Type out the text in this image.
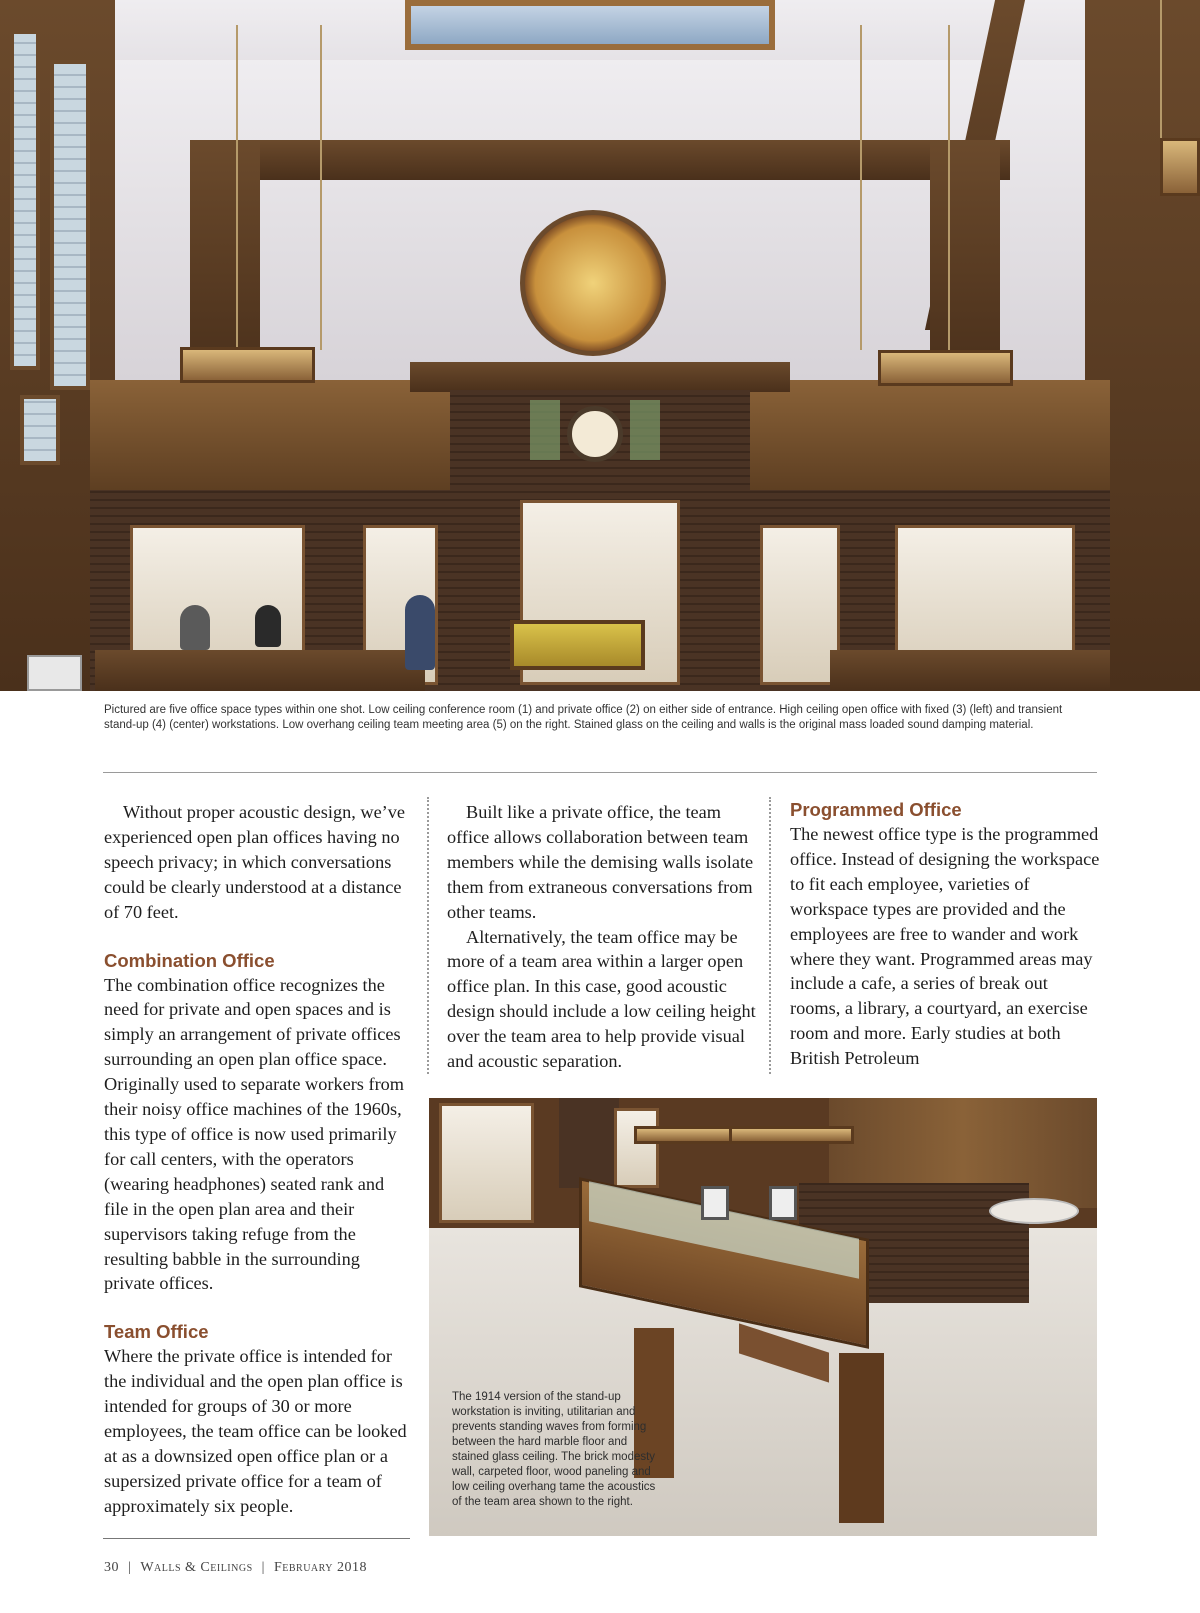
Pictured are five office space types within one shot. Low ceiling conference room (1) and private office (2) on either side of entrance. High ceiling open office with fixed (3) (left) and transient stand-up (4) (center) workstations. Low overhang ceiling team meeting area (5) on the right. Stained glass on the ceiling and walls is the original mass loaded sound damping material.

Without proper acoustic design, we’ve experienced open plan offices having no speech privacy; in which conversations could be clearly understood at a distance of 70 feet.

Combination Office

The combination office recognizes the need for private and open spaces and is simply an arrangement of private offices surrounding an open plan office space. Originally used to separate workers from their noisy office machines of the 1960s, this type of office is now used primarily for call centers, with the operators (wearing headphones) seated rank and file in the open plan area and their supervisors taking refuge from the resulting babble in the surrounding private offices.

Team Office

Where the private office is intended for the individual and the open plan office is intended for groups of 30 or more employees, the team office can be looked at as a downsized open office plan or a supersized private office for a team of approximately six people.

Built like a private office, the team office allows collaboration between team members while the demising walls isolate them from extraneous conversations from other teams.

Alternatively, the team office may be more of a team area within a larger open office plan. In this case, good acoustic design should include a low ceiling height over the team area to help provide visual and acoustic separation.

Programmed Office

The newest office type is the programmed office. Instead of designing the workspace to fit each employee, varieties of workspace types are provided and the employees are free to wander and work where they want. Programmed areas may include a cafe, a series of break out rooms, a library, a courtyard, an exercise room and more. Early studies at both British Petroleum

The 1914 version of the stand-up workstation is inviting, utilitarian and prevents standing waves from forming between the hard marble floor and stained glass ceiling. The brick modesty wall, carpeted floor, wood paneling and low ceiling overhang tame the acoustics of the team area shown to the right.
30 | Walls & Ceilings | February 2018
